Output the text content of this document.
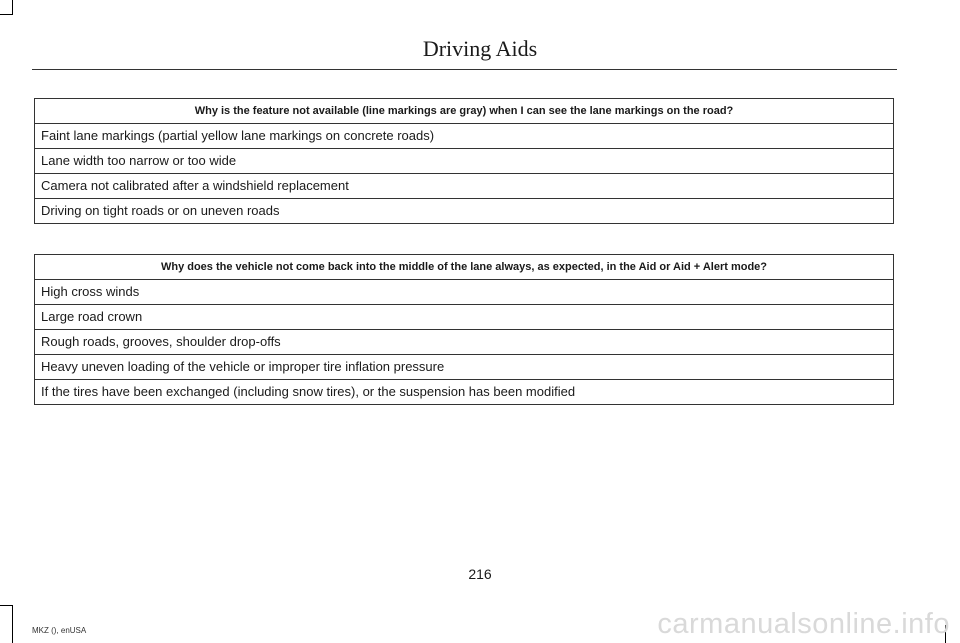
Driving Aids
Why is the feature not available (line markings are gray) when I can see the lane markings on the road?
Faint lane markings (partial yellow lane markings on concrete roads)
Lane width too narrow or too wide
Camera not calibrated after a windshield replacement
Driving on tight roads or on uneven roads
Why does the vehicle not come back into the middle of the lane always, as expected, in the Aid or Aid + Alert mode?
High cross winds
Large road crown
Rough roads, grooves, shoulder drop-offs
Heavy uneven loading of the vehicle or improper tire inflation pressure
If the tires have been exchanged (including snow tires), or the suspension has been modified
216
MKZ (), enUSA	carmanualsonline.info
